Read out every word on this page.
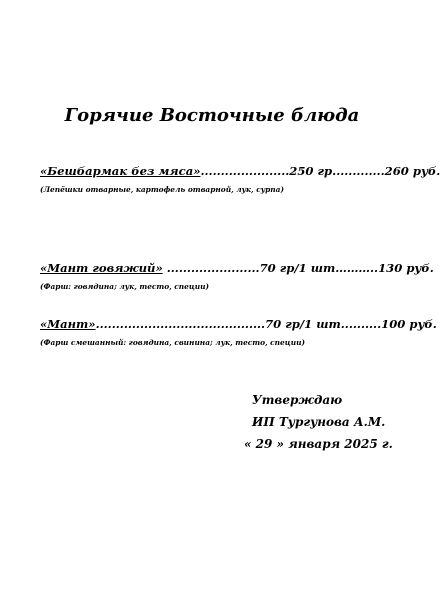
Горячие Восточные блюда
«Бешбармак без мяса»......................250 гр.............260 руб.
(Лепёшки отварные, картофель отварной, лук, сурпа)
«Мант говяжий» .......................70 гр/1 шт………..130 руб.
(Фарш: говядина; лук, тесто, специи)
«Мант»..........................................70 гр/1 шт..........100 руб.
(Фарш смешанный: говядина, свинина; лук, тесто, специи)
Утверждаю
ИП Тургунова А.М.
« 29 » января 2025 г.
